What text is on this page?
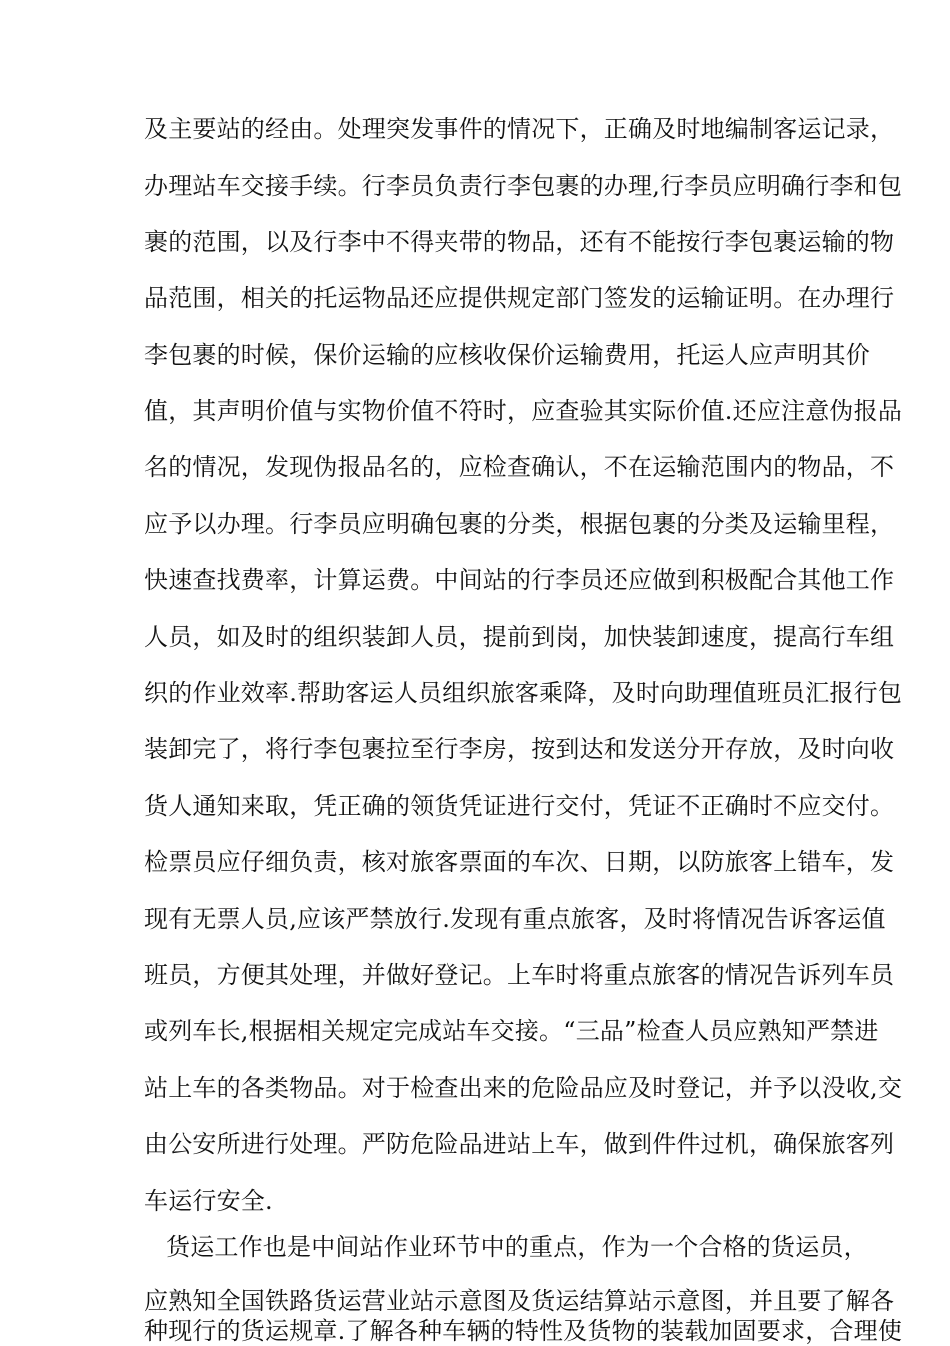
及主要站的经由。处理突发事件的情况下，正确及时地编制客运记录，
办理站车交接手续。行李员负责行李包裹的办理,行李员应明确行李和包
裹的范围，以及行李中不得夹带的物品，还有不能按行李包裹运输的物
品范围，相关的托运物品还应提供规定部门签发的运输证明。在办理行
李包裹的时候，保价运输的应核收保价运输费用，托运人应声明其价
值，其声明价值与实物价值不符时，应查验其实际价值.还应注意伪报品
名的情况，发现伪报品名的，应检查确认，不在运输范围内的物品，不
应予以办理。行李员应明确包裹的分类，根据包裹的分类及运输里程，
快速查找费率，计算运费。中间站的行李员还应做到积极配合其他工作
人员，如及时的组织装卸人员，提前到岗，加快装卸速度，提高行车组
织的作业效率.帮助客运人员组织旅客乘降，及时向助理值班员汇报行包
装卸完了，将行李包裹拉至行李房，按到达和发送分开存放，及时向收
货人通知来取，凭正确的领货凭证进行交付，凭证不正确时不应交付。
检票员应仔细负责，核对旅客票面的车次、日期，以防旅客上错车，发
现有无票人员,应该严禁放行.发现有重点旅客，及时将情况告诉客运值
班员，方便其处理，并做好登记。上车时将重点旅客的情况告诉列车员
或列车长,根据相关规定完成站车交接。“三品”检查人员应熟知严禁进
站上车的各类物品。对于检查出来的危险品应及时登记，并予以没收,交
由公安所进行处理。严防危险品进站上车，做到件件过机，确保旅客列
车运行安全.
货运工作也是中间站作业环节中的重点，作为一个合格的货运员，
应熟知全国铁路货运营业站示意图及货运结算站示意图，并且要了解各
种现行的货运规章.了解各种车辆的特性及货物的装载加固要求，合理使
